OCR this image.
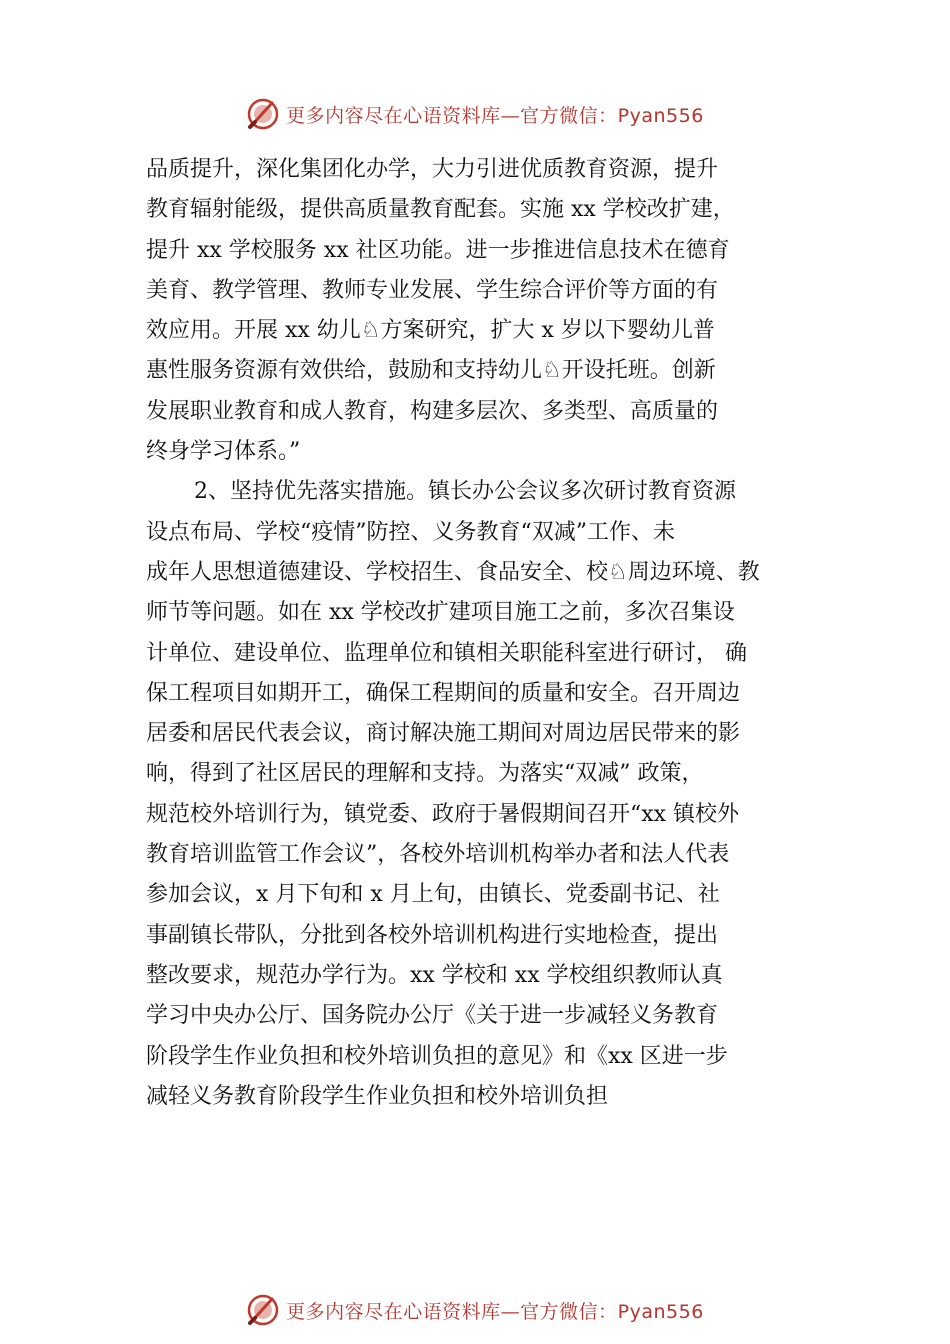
更多内容尽在心语资料库—官方微信：Pyan556
品质提升，深化集团化办学，大力引进优质教育资源，提升
教育辐射能级，提供高质量教育配套。实施 xx 学校改扩建，
提升 xx 学校服务 xx 社区功能。进一步推进信息技术在德育
美育、教学管理、教师专业发展、学生综合评价等方面的有
效应用。开展 xx 幼儿♘方案研究，扩大 x 岁以下婴幼儿普
惠性服务资源有效供给，鼓励和支持幼儿♘开设托班。创新
发展职业教育和成人教育，构建多层次、多类型、高质量的
终身学习体系。”
2、坚持优先落实措施。镇长办公会议多次研讨教育资源
设点布局、学校“疫情”防控、义务教育“双减”工作、未
成年人思想道德建设、学校招生、食品安全、校♘周边环境、教
师节等问题。如在 xx 学校改扩建项目施工之前，多次召集设
计单位、建设单位、监理单位和镇相关职能科室进行研讨， 确
保工程项目如期开工，确保工程期间的质量和安全。召开周边
居委和居民代表会议，商讨解决施工期间对周边居民带来的影
响，得到了社区居民的理解和支持。为落实“双减” 政策，
规范校外培训行为，镇党委、政府于暑假期间召开“xx 镇校外
教育培训监管工作会议”，各校外培训机构举办者和法人代表
参加会议，x 月下旬和 x 月上旬，由镇长、党委副书记、社
事副镇长带队，分批到各校外培训机构进行实地检查，提出
整改要求，规范办学行为。xx 学校和 xx 学校组织教师认真
学习中央办公厅、国务院办公厅《关于进一步减轻义务教育
阶段学生作业负担和校外培训负担的意见》和《xx 区进一步
减轻义务教育阶段学生作业负担和校外培训负担
更多内容尽在心语资料库—官方微信：Pyan556
